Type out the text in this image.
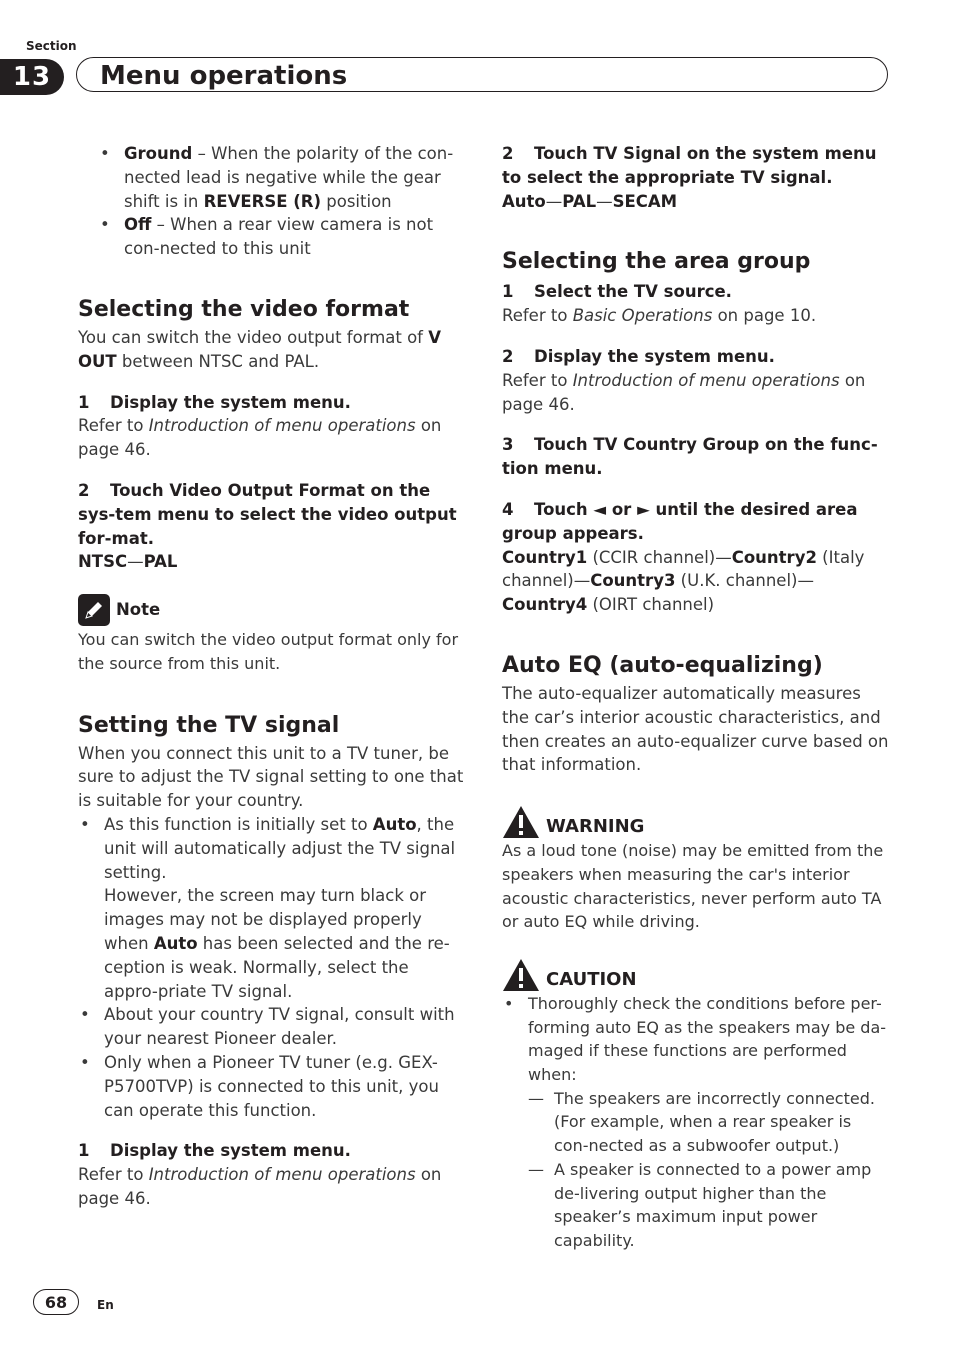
Section
13	Menu operations
• Ground – When the polarity of the con-nected lead is negative while the gear shift is in REVERSE (R) position
• Off – When a rear view camera is not con-nected to this unit
Selecting the video format

You can switch the video output format of V OUT between NTSC and PAL.

1 Display the system menu.

Refer to Introduction of menu operations on page 46.

2 Touch Video Output Format on the sys-tem menu to select the video output for-mat.

NTSC—PAL

Note

You can switch the video output format only for the source from this unit.

Setting the TV signal

When you connect this unit to a TV tuner, be sure to adjust the TV signal setting to one that is suitable for your country.

• As this function is initially set to Auto, the unit will automatically adjust the TV signal setting.
However, the screen may turn black or images may not be displayed properly when Auto has been selected and the re-ception is weak. Normally, select the appro-priate TV signal.
• About your country TV signal, consult with your nearest Pioneer dealer.
• Only when a Pioneer TV tuner (e.g. GEX-P5700TVP) is connected to this unit, you can operate this function.

1 Display the system menu.

Refer to Introduction of menu operations on page 46.

2 Touch TV Signal on the system menu to select the appropriate TV signal.

Auto—PAL—SECAM

Selecting the area group

1 Select the TV source.

Refer to Basic Operations on page 10.

2 Display the system menu.

Refer to Introduction of menu operations on page 46.

3 Touch TV Country Group on the func-tion menu.

4 Touch ◄ or ► until the desired area group appears.

Country1 (CCIR channel)—Country2 (Italy channel)—Country3 (U.K. channel)—Country4 (OIRT channel)

Auto EQ (auto-equalizing)

The auto-equalizer automatically measures the car’s interior acoustic characteristics, and then creates an auto-equalizer curve based on that information.

WARNING

As a loud tone (noise) may be emitted from the speakers when measuring the car's interior acoustic characteristics, never perform auto TA or auto EQ while driving.

CAUTION
• Thoroughly check the conditions before per-forming auto EQ as the speakers may be da-maged if these functions are performed when:
— The speakers are incorrectly connected. (For example, when a rear speaker is con-nected as a subwoofer output.)
— A speaker is connected to a power amp de-livering output higher than the speaker’s maximum input power capability.
68	En
